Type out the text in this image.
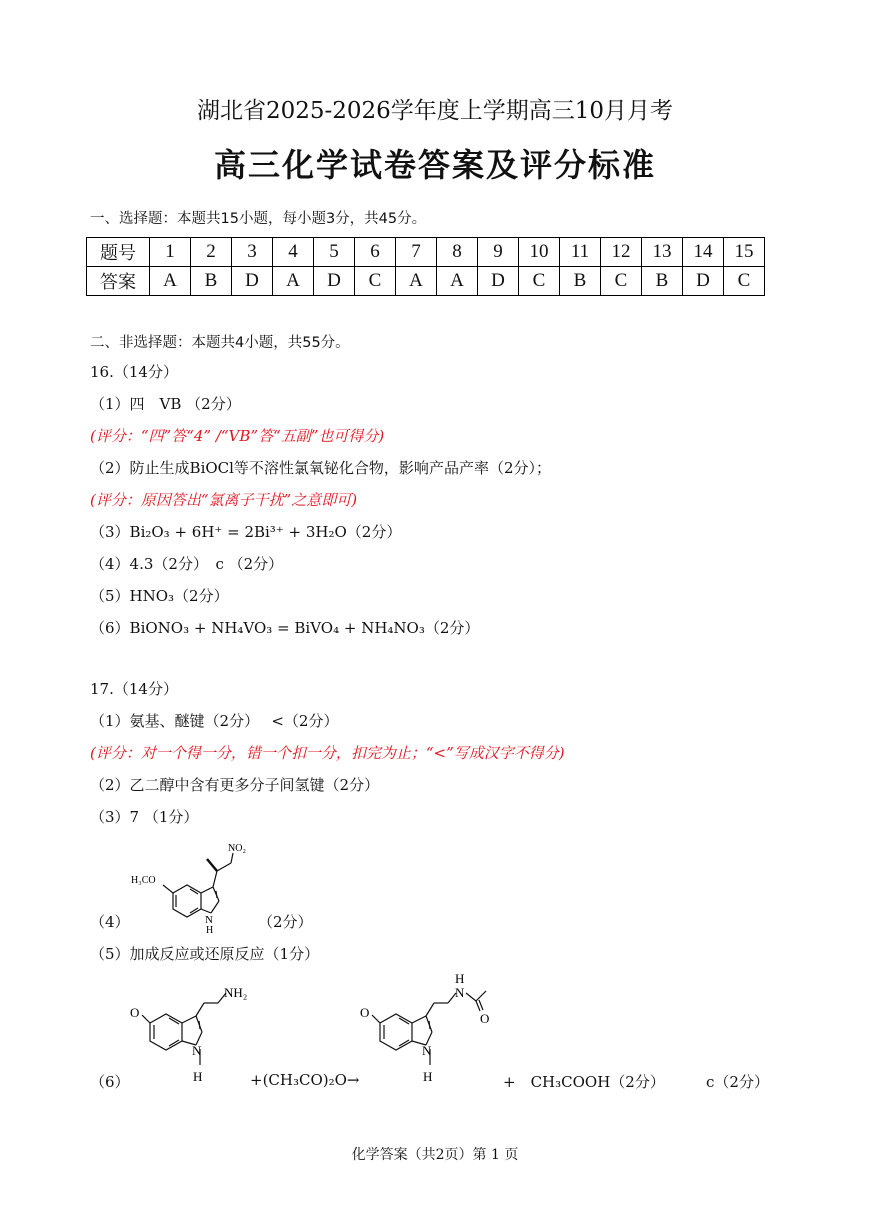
湖北省2025-2026学年度上学期高三10月月考
高三化学试卷答案及评分标准
一、选择题：本题共15小题，每小题3分，共45分。
题号	1	2	3	4	5	6	7	8	9	10	11	12	13	14	15
答案	A	B	D	A	D	C	A	A	D	C	B	C	B	D	C
二、非选择题：本题共4小题，共55分。
16.（14分）
（1）四　VB （2分）
(评分：“四”答“4” /“VB”答“五副”也可得分)
（2）防止生成BiOCl等不溶性氯氧铋化合物，影响产品产率（2分）；
(评分：原因答出“氯离子干扰”之意即可)
（3）Bi₂O₃ + 6H⁺ = 2Bi³⁺ + 3H₂O（2分）
（4）4.3（2分）　c （2分）
（5）HNO₃（2分）
（6）BiONO₃ + NH₄VO₃ = BiVO₄ + NH₄NO₃（2分）
17.（14分）
（1）氨基、醚键（2分）　 <（2分）
(评分：对一个得一分，错一个扣一分，扣完为止；“<”写成汉字不得分)
（2）乙二醇中含有更多分子间氢键（2分）
（3）7 （1分）
NO₂
H₃CO
N
H
（4）	（2分）
（5）加成反应或还原反应（1分）
O
NH₂
N
H
O
H
N
O
N
H
（6）	+(CH₃CO)₂O→	+　CH₃COOH（2分）	c（2分）
化学答案（共2页）第 1 页
